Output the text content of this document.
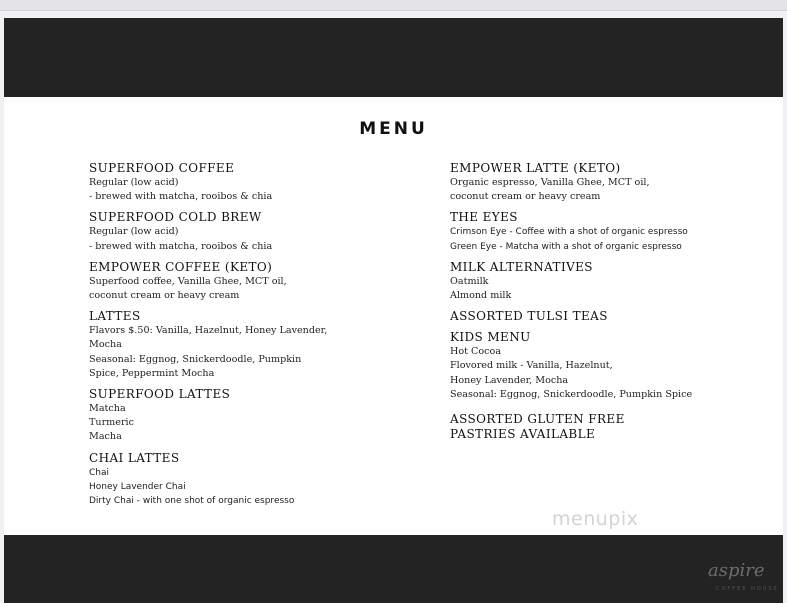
MENU
SUPERFOOD COFFEE
Regular (low acid)
- brewed with matcha, rooibos & chia
SUPERFOOD COLD BREW
Regular (low acid)
- brewed with matcha, rooibos & chia
EMPOWER COFFEE (KETO)
Superfood coffee, Vanilla Ghee, MCT oil,
coconut cream or heavy cream
LATTES
Flavors $.50: Vanilla, Hazelnut, Honey Lavender,
Mocha
Seasonal: Eggnog, Snickerdoodle, Pumpkin
Spice, Peppermint Mocha
SUPERFOOD LATTES
Matcha
Turmeric
Macha
CHAI LATTES
Chai
Honey Lavender Chai
Dirty Chai - with one shot of organic espresso
EMPOWER LATTE (KETO)
Organic espresso, Vanilla Ghee, MCT oil,
coconut cream or heavy cream
THE EYES
Crimson Eye - Coffee with a shot of organic espresso
Green Eye - Matcha with a shot of organic espresso
MILK ALTERNATIVES
Oatmilk
Almond milk
ASSORTED TULSI TEAS
KIDS MENU
Hot Cocoa
Flovored milk - Vanilla, Hazelnut,
Honey Lavender, Mocha
Seasonal: Eggnog, Snickerdoodle, Pumpkin Spice
ASSORTED GLUTEN FREE
PASTRIES AVAILABLE
menupix
aspire
COFFEE HOUSE
